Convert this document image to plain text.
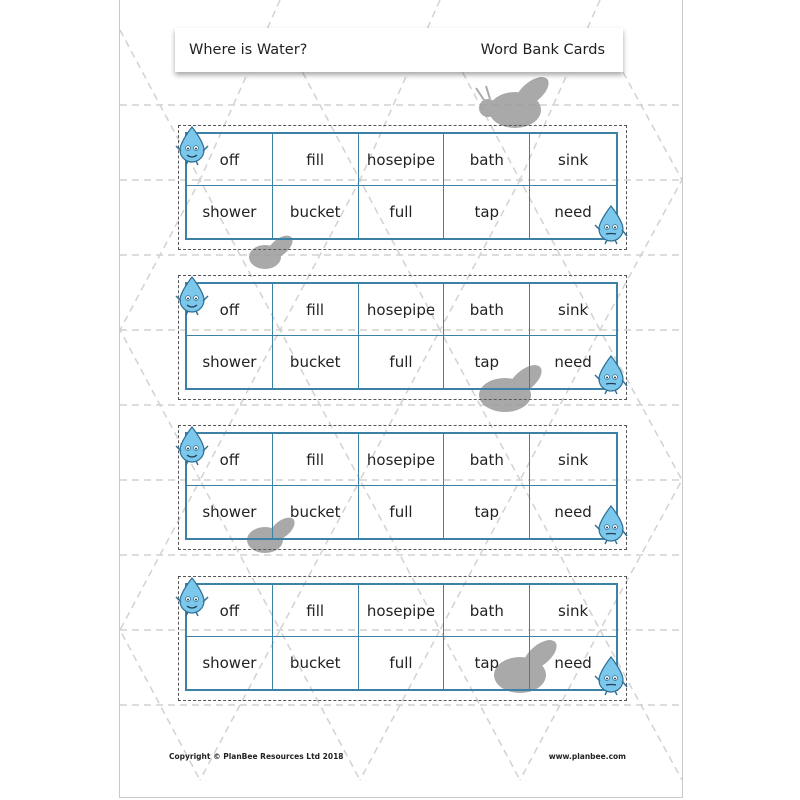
Where is Water?	Word Bank Cards
off	fill	hosepipe	bath	sink
shower	bucket	full	tap	need
off	fill	hosepipe	bath	sink
shower	bucket	full	tap	need
off	fill	hosepipe	bath	sink
shower	bucket	full	tap	need
off	fill	hosepipe	bath	sink
shower	bucket	full	tap	need
Copyright © PlanBee Resources Ltd 2018	www.planbee.com
